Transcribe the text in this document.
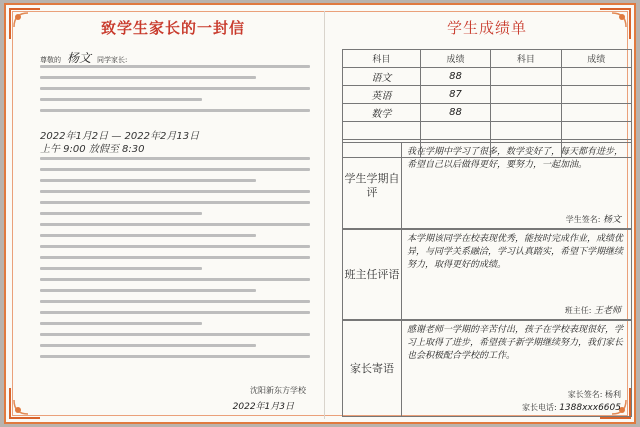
致学生家长的一封信
尊敬的 杨文 同学家长:
2022年1月2日 — 2022年2月13日
上午 9:00 放假至 8:30
沈阳新东方学校
2022年1月3日
学生成绩单
科目	成绩	科目	成绩
语文	88		
英语	87		
数学	88		

学生学期自评
我在学期中学习了很多，数学变好了，每天都有进步，希望自己以后做得更好，要努力，一起加油。
学生签名: 杨文
班主任评语
本学期该同学在校表现优秀，能按时完成作业，成绩优异，与同学关系融洽，学习认真踏实，希望下学期继续努力，取得更好的成绩。
班主任: 王老师
家长寄语
感谢老师一学期的辛苦付出，孩子在学校表现很好，学习上取得了进步，希望孩子新学期继续努力，我们家长也会积极配合学校的工作。
家长签名: 杨利
家长电话: 1388xxx6605
